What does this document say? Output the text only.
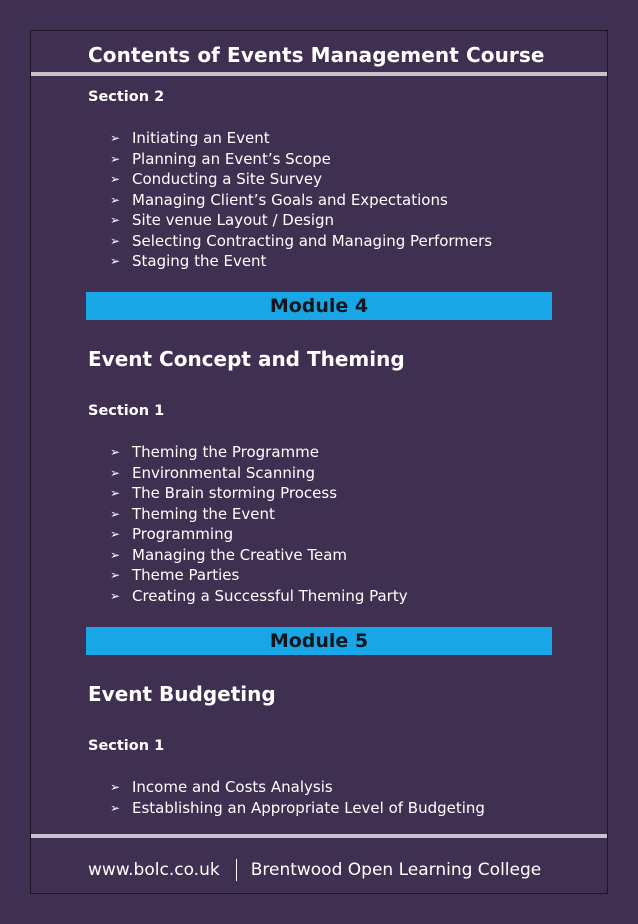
Contents of Events Management Course
Section 2
➢ Initiating an Event
➢ Planning an Event’s Scope
➢ Conducting a Site Survey
➢ Managing Client’s Goals and Expectations
➢ Site venue Layout / Design
➢ Selecting Contracting and Managing Performers
➢ Staging the Event
Module 4
Event Concept and Theming
Section 1
➢ Theming the Programme
➢ Environmental Scanning
➢ The Brain storming Process
➢ Theming the Event
➢ Programming
➢ Managing the Creative Team
➢ Theme Parties
➢ Creating a Successful Theming Party
Module 5
Event Budgeting
Section 1
➢ Income and Costs Analysis
➢ Establishing an Appropriate Level of Budgeting
www.bolc.co.uk Brentwood Open Learning College
